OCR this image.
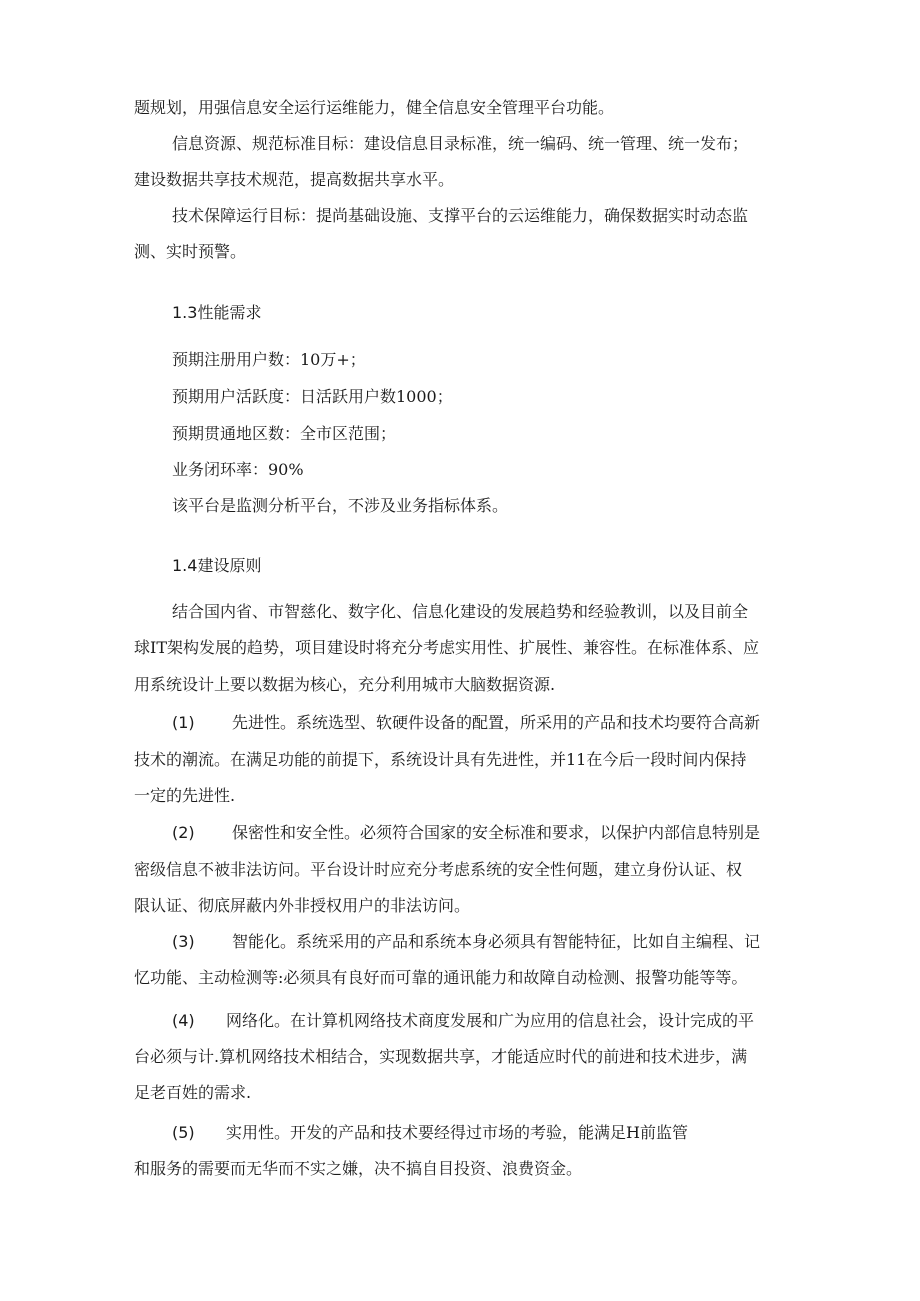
题规划，用强信息安全运行运维能力，健全信息安全管理平台功能。
信息资源、规范标准目标：建设信息目录标准，统一编码、统一管理、统一发布；
建设数据共享技术规范，提高数据共享水平。
技术保障运行目标：提尚基础设施、支撑平台的云运维能力，确保数据实时动态监
测、实时预警。
1.3性能需求
预期注册用户数：10万+；
预期用户活跃度：日活跃用户数1000；
预期贯通地区数：全市区范围；
业务闭环率：90%
该平台是监测分析平台，不涉及业务指标体系。
1.4建设原则
结合国内省、市智慈化、数字化、信息化建设的发展趋势和经验教训，以及目前全
球IT架构发展的趋势，项目建设时将充分考虑实用性、扩展性、兼容性。在标准体系、应
用系统设计上要以数据为核心，充分利用城市大脑数据资源.
(1) 先进性。系统选型、软硬件设备的配置，所采用的产品和技术均要符合高新
技术的潮流。在满足功能的前提下，系统设计具有先进性，并11在今后一段时间内保持
一定的先进性.
(2) 保密性和安全性。必须符合国家的安全标准和要求，以保护内部信息特别是
密级信息不被非法访问。平台设计时应充分考虑系统的安全性何题，建立身份认证、权
限认证、彻底屏蔽内外非授权用户的非法访问。
(3) 智能化。系统采用的产品和系统本身必须具有智能特征，比如自主编程、记
忆功能、主动检测等:必须具有良好而可靠的通讯能力和故障自动检测、报警功能等等。
(4) 网络化。在计算机网络技术商度发展和广为应用的信息社会，设计完成的平
台必须与计.算机网络技术相结合，实现数据共享，才能适应时代的前进和技术进步，满
足老百姓的需求.
(5) 实用性。开发的产品和技术要经得过市场的考验，能满足H前监管
和服务的需要而无华而不实之嫌，决不搞自目投资、浪费资金。
